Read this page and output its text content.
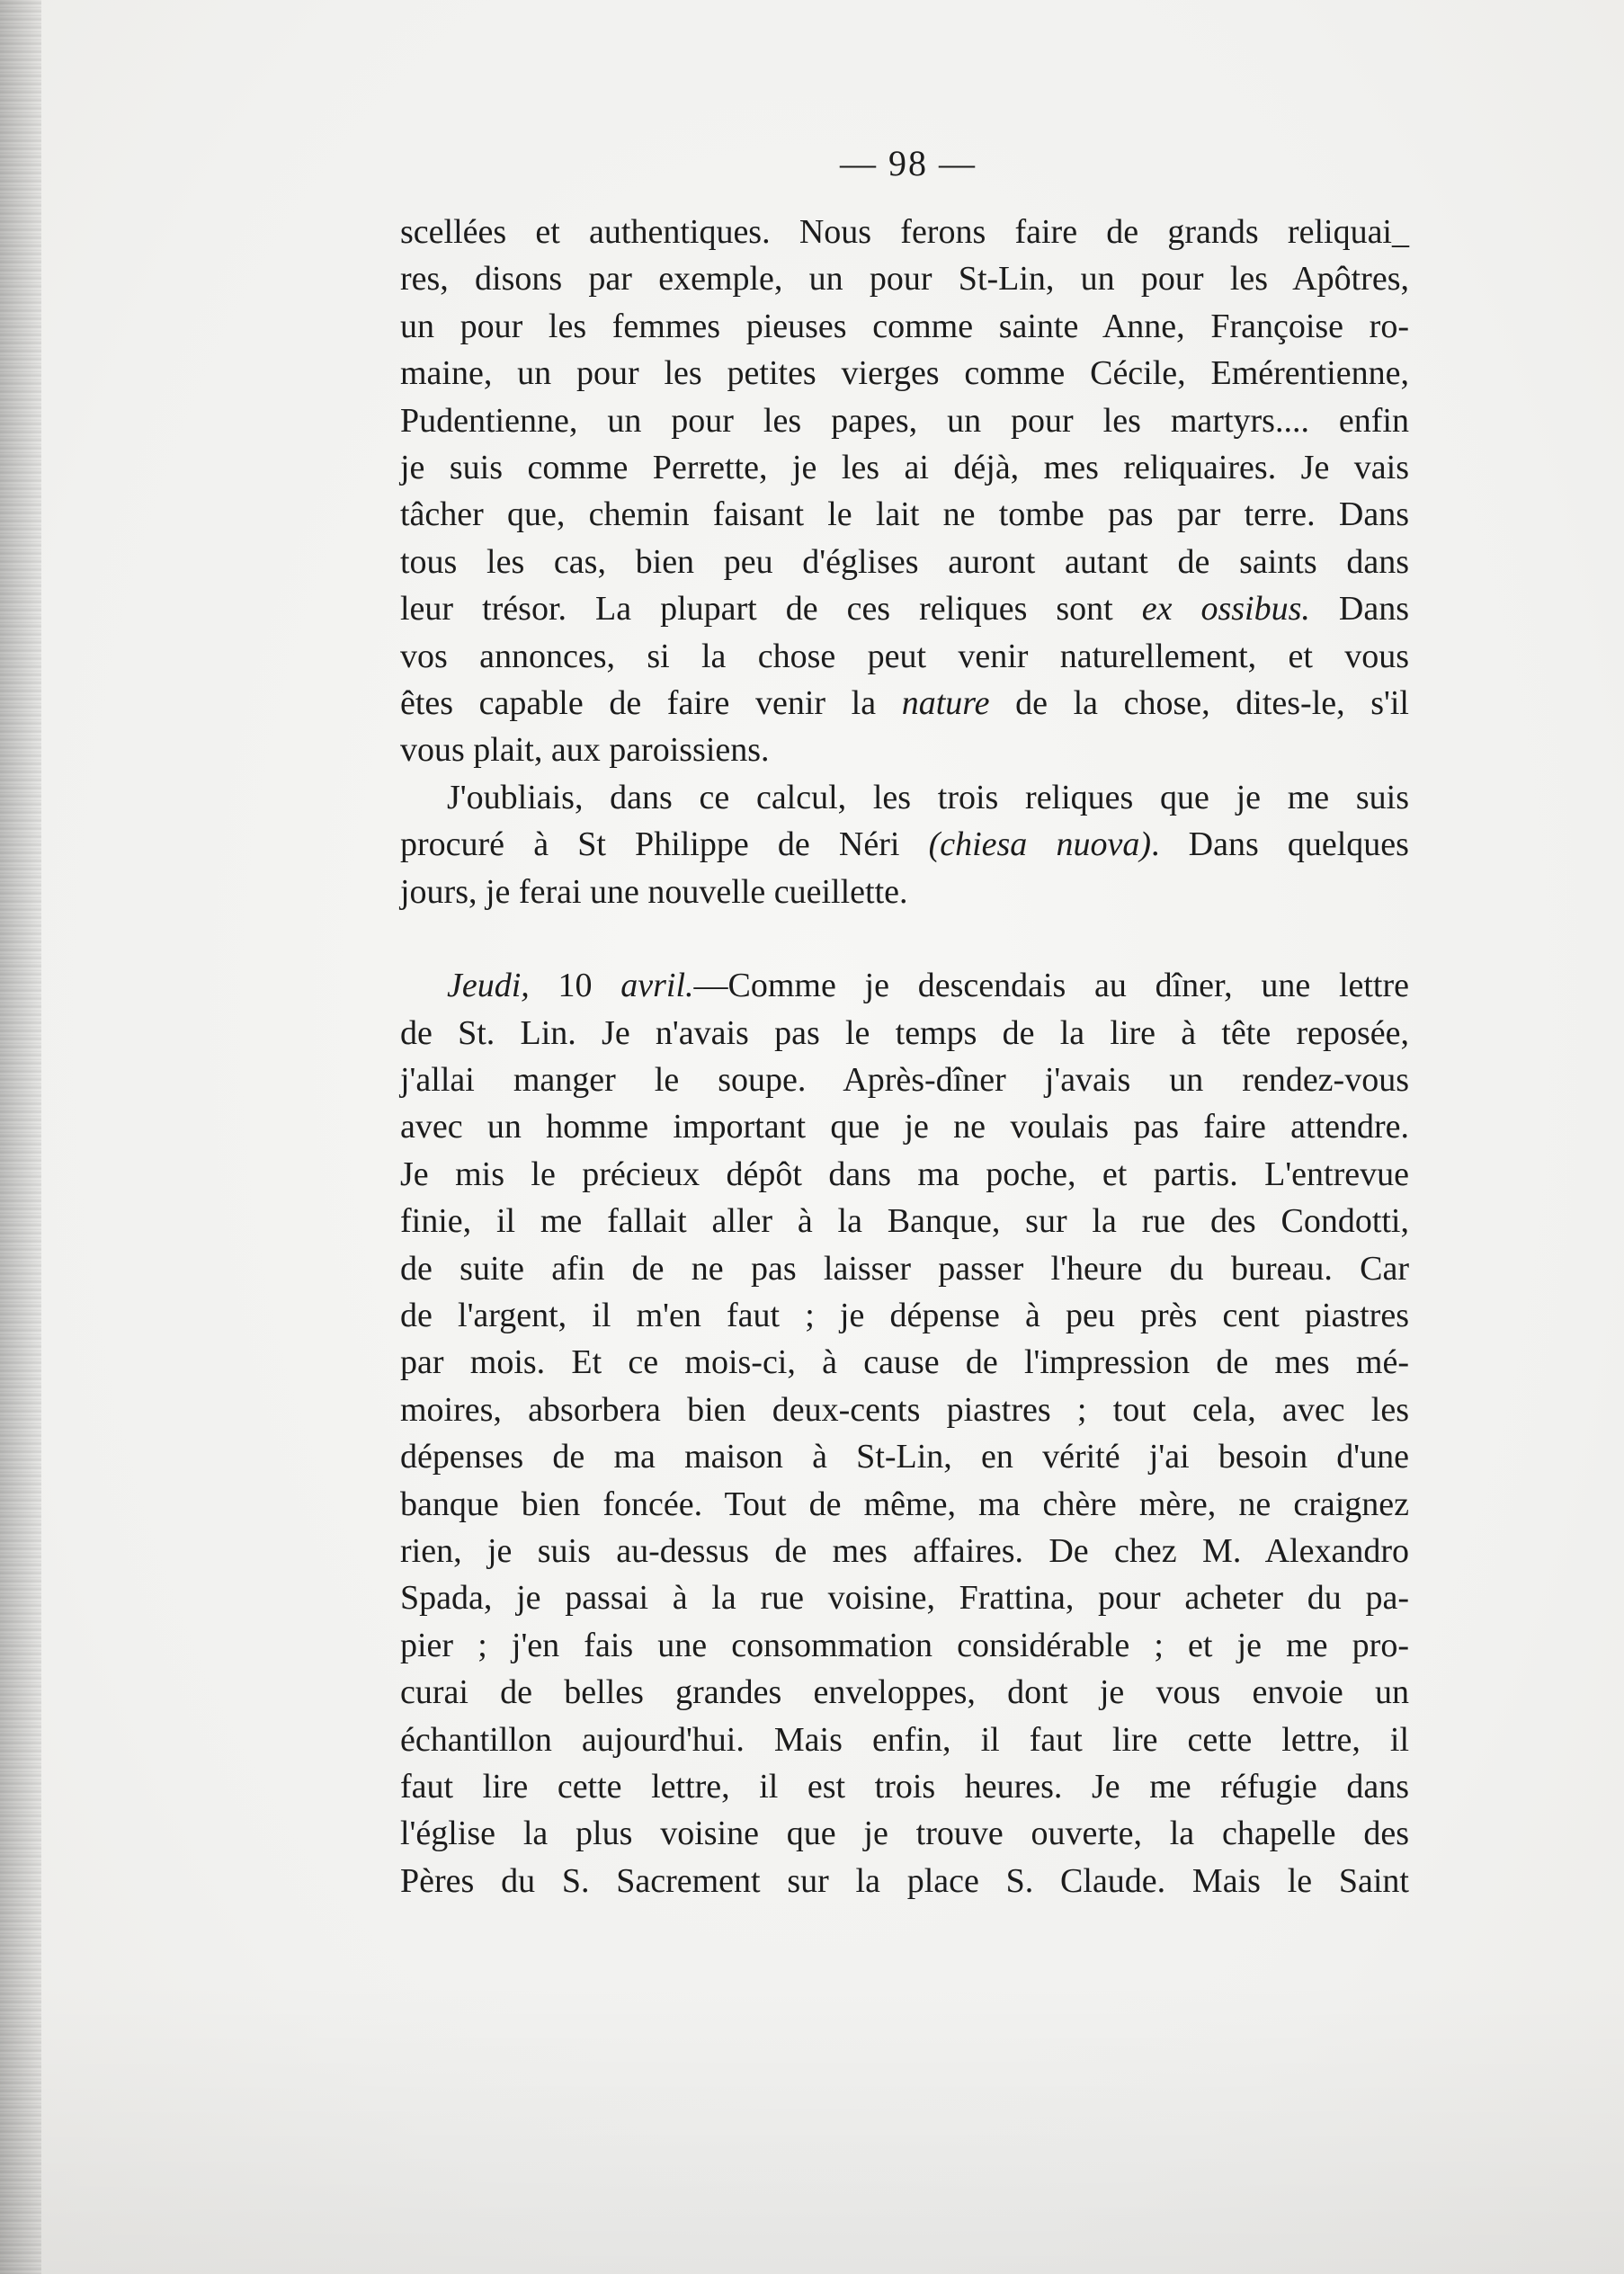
— 98 —

scellées et authentiques. Nous ferons faire de grands reliquai_
res, disons par exemple, un pour St-Lin, un pour les Apôtres,
un pour les femmes pieuses comme sainte Anne, Françoise ro-
maine, un pour les petites vierges comme Cécile, Emérentienne,
Pudentienne, un pour les papes, un pour les martyrs.... enfin
je suis comme Perrette, je les ai déjà, mes reliquaires. Je vais
tâcher que, chemin faisant le lait ne tombe pas par terre. Dans
tous les cas, bien peu d'églises auront autant de saints dans
leur trésor. La plupart de ces reliques sont ex ossibus. Dans
vos annonces, si la chose peut venir naturellement, et vous
êtes capable de faire venir la nature de la chose, dites-le, s'il
vous plait, aux paroissiens.

J'oubliais, dans ce calcul, les trois reliques que je me suis
procuré à St Philippe de Néri (chiesa nuova). Dans quelques
jours, je ferai une nouvelle cueillette.

Jeudi, 10 avril.—Comme je descendais au dîner, une lettre
de St. Lin. Je n'avais pas le temps de la lire à tête reposée,
j'allai manger le soupe. Après-dîner j'avais un rendez-vous
avec un homme important que je ne voulais pas faire attendre.
Je mis le précieux dépôt dans ma poche, et partis. L'entrevue
finie, il me fallait aller à la Banque, sur la rue des Condotti,
de suite afin de ne pas laisser passer l'heure du bureau. Car
de l'argent, il m'en faut ; je dépense à peu près cent piastres
par mois. Et ce mois-ci, à cause de l'impression de mes mé-
moires, absorbera bien deux-cents piastres ; tout cela, avec les
dépenses de ma maison à St-Lin, en vérité j'ai besoin d'une
banque bien foncée. Tout de même, ma chère mère, ne craignez
rien, je suis au-dessus de mes affaires. De chez M. Alexandro
Spada, je passai à la rue voisine, Frattina, pour acheter du pa-
pier ; j'en fais une consommation considérable ; et je me pro-
curai de belles grandes enveloppes, dont je vous envoie un
échantillon aujourd'hui. Mais enfin, il faut lire cette lettre, il
faut lire cette lettre, il est trois heures. Je me réfugie dans
l'église la plus voisine que je trouve ouverte, la chapelle des
Pères du S. Sacrement sur la place S. Claude. Mais le Saint
